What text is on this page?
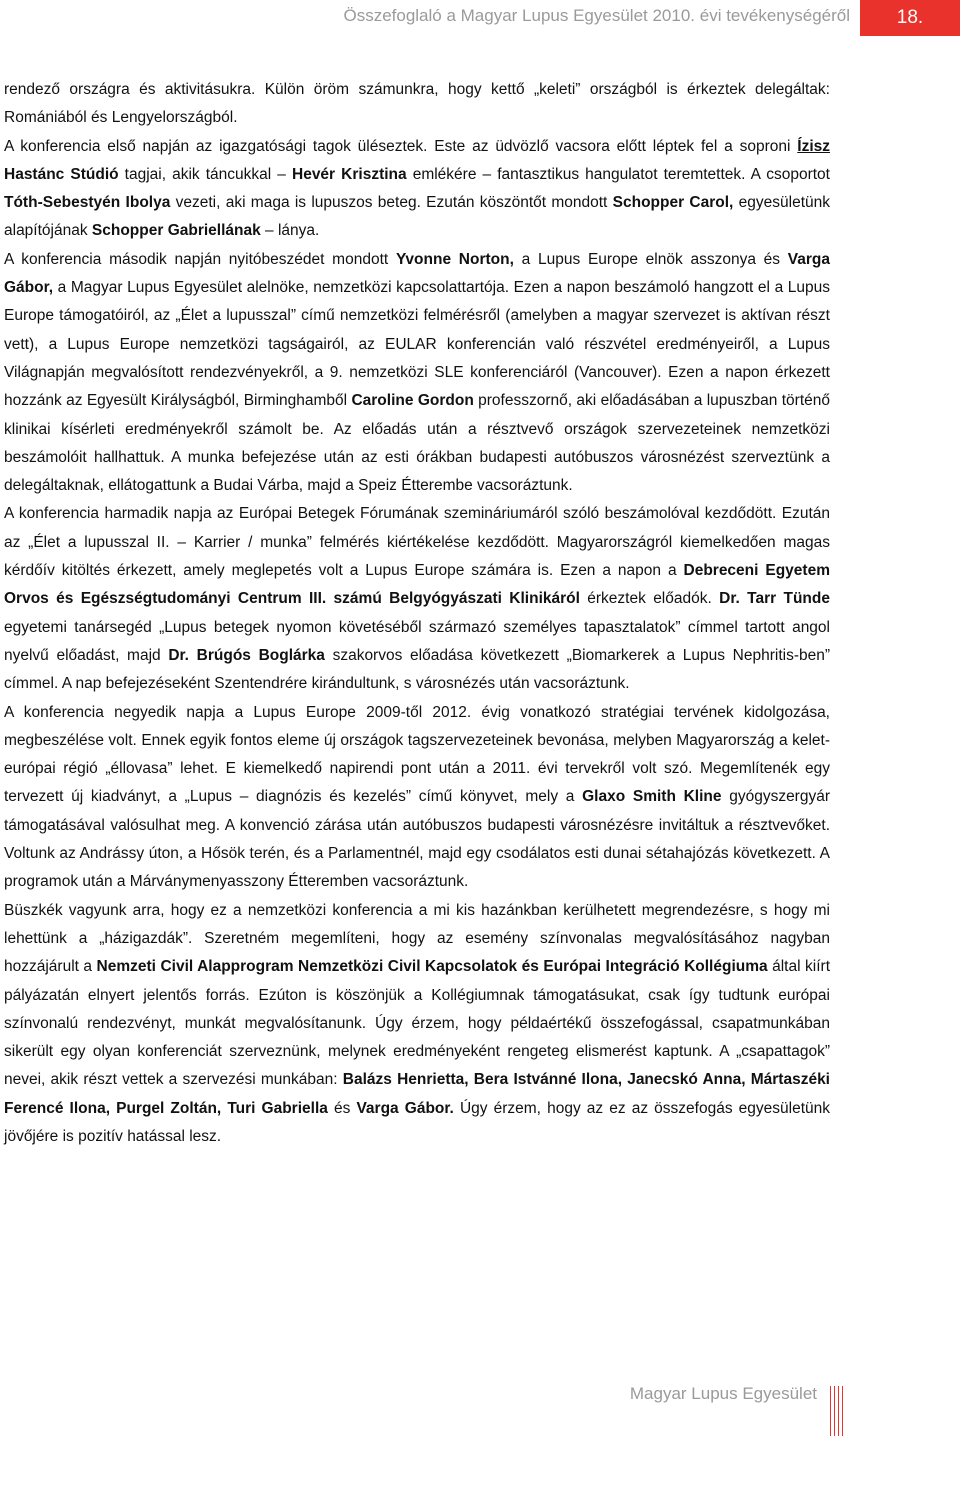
Összefoglaló a Magyar Lupus Egyesület 2010. évi tevékenységéről	18.

rendező országra és aktivitásukra. Külön öröm számunkra, hogy kettő „keleti” országból is érkeztek delegáltak: Romániából és Lengyelországból.

A konferencia első napján az igazgatósági tagok üléseztek. Este az üdvözlő vacsora előtt léptek fel a soproni Ízisz Hastánc Stúdió tagjai, akik táncukkal – Hevér Krisztina emlékére – fantasztikus hangulatot teremtettek. A csoportot Tóth-Sebestyén Ibolya vezeti, aki maga is lupuszos beteg. Ezután köszöntőt mondott Schopper Carol, egyesületünk alapítójának Schopper Gabriellának – lánya.

A konferencia második napján nyitóbeszédet mondott Yvonne Norton, a Lupus Europe elnök asszonya és Varga Gábor, a Magyar Lupus Egyesület alelnöke, nemzetközi kapcsolattartója. Ezen a napon beszámoló hangzott el a Lupus Europe támogatóiról, az „Élet a lupusszal” című nemzetközi felmérésről (amelyben a magyar szervezet is aktívan részt vett), a Lupus Europe nemzetközi tagságairól, az EULAR konferencián való részvétel eredményeiről, a Lupus Világnapján megvalósított rendezvényekről, a 9. nemzetközi SLE konferenciáról (Vancouver). Ezen a napon érkezett hozzánk az Egyesült Királyságból, Birminghamből Caroline Gordon professzornő, aki előadásában a lupuszban történő klinikai kísérleti eredményekről számolt be. Az előadás után a résztvevő országok szervezeteinek nemzetközi beszámolóit hallhattuk. A munka befejezése után az esti órákban budapesti autóbuszos városnézést szerveztünk a delegáltaknak, ellátogattunk a Budai Várba, majd a Speiz Étterembe vacsoráztunk.

A konferencia harmadik napja az Európai Betegek Fórumának szemináriumáról szóló beszámolóval kezdődött. Ezután az „Élet a lupusszal II. – Karrier / munka” felmérés kiértékelése kezdődött. Magyarországról kiemelkedően magas kérdőív kitöltés érkezett, amely meglepetés volt a Lupus Europe számára is. Ezen a napon a Debreceni Egyetem Orvos és Egészségtudományi Centrum III. számú Belgyógyászati Klinikáról érkeztek előadók. Dr. Tarr Tünde egyetemi tanársegéd „Lupus betegek nyomon követéséből származó személyes tapasztalatok” címmel tartott angol nyelvű előadást, majd Dr. Brúgós Boglárka szakorvos előadása következett „Biomarkerek a Lupus Nephritis-ben” címmel. A nap befejezéseként Szentendrére kirándultunk, s városnézés után vacsoráztunk.

A konferencia negyedik napja a Lupus Europe 2009-től 2012. évig vonatkozó stratégiai tervének kidolgozása, megbeszélése volt. Ennek egyik fontos eleme új országok tagszervezeteinek bevonása, melyben Magyarország a kelet-európai régió „éllovasa” lehet. E kiemelkedő napirendi pont után a 2011. évi tervekről volt szó. Megemlítenék egy tervezett új kiadványt, a „Lupus – diagnózis és kezelés” című könyvet, mely a Glaxo Smith Kline gyógyszergyár támogatásával valósulhat meg. A konvenció zárása után autóbuszos budapesti városnézésre invitáltuk a résztvevőket. Voltunk az Andrássy úton, a Hősök terén, és a Parlamentnél, majd egy csodálatos esti dunai sétahajózás következett. A programok után a Márványmenyasszony Étteremben vacsoráztunk.

Büszkék vagyunk arra, hogy ez a nemzetközi konferencia a mi kis hazánkban kerülhetett megrendezésre, s hogy mi lehettünk a „házigazdák”. Szeretném megemlíteni, hogy az esemény színvonalas megvalósításához nagyban hozzájárult a Nemzeti Civil Alapprogram Nemzetközi Civil Kapcsolatok és Európai Integráció Kollégiuma által kiírt pályázatán elnyert jelentős forrás. Ezúton is köszönjük a Kollégiumnak támogatásukat, csak így tudtunk európai színvonalú rendezvényt, munkát megvalósítanunk. Úgy érzem, hogy példaértékű összefogással, csapatmunkában sikerült egy olyan konferenciát szerveznünk, melynek eredményeként rengeteg elismerést kaptunk. A „csapattagok” nevei, akik részt vettek a szervezési munkában: Balázs Henrietta, Bera Istvánné Ilona, Janecskó Anna, Mártaszéki Ferencé Ilona, Purgel Zoltán, Turi Gabriella és Varga Gábor. Úgy érzem, hogy az ez az összefogás egyesületünk jövőjére is pozitív hatással lesz.

Magyar Lupus Egyesület
